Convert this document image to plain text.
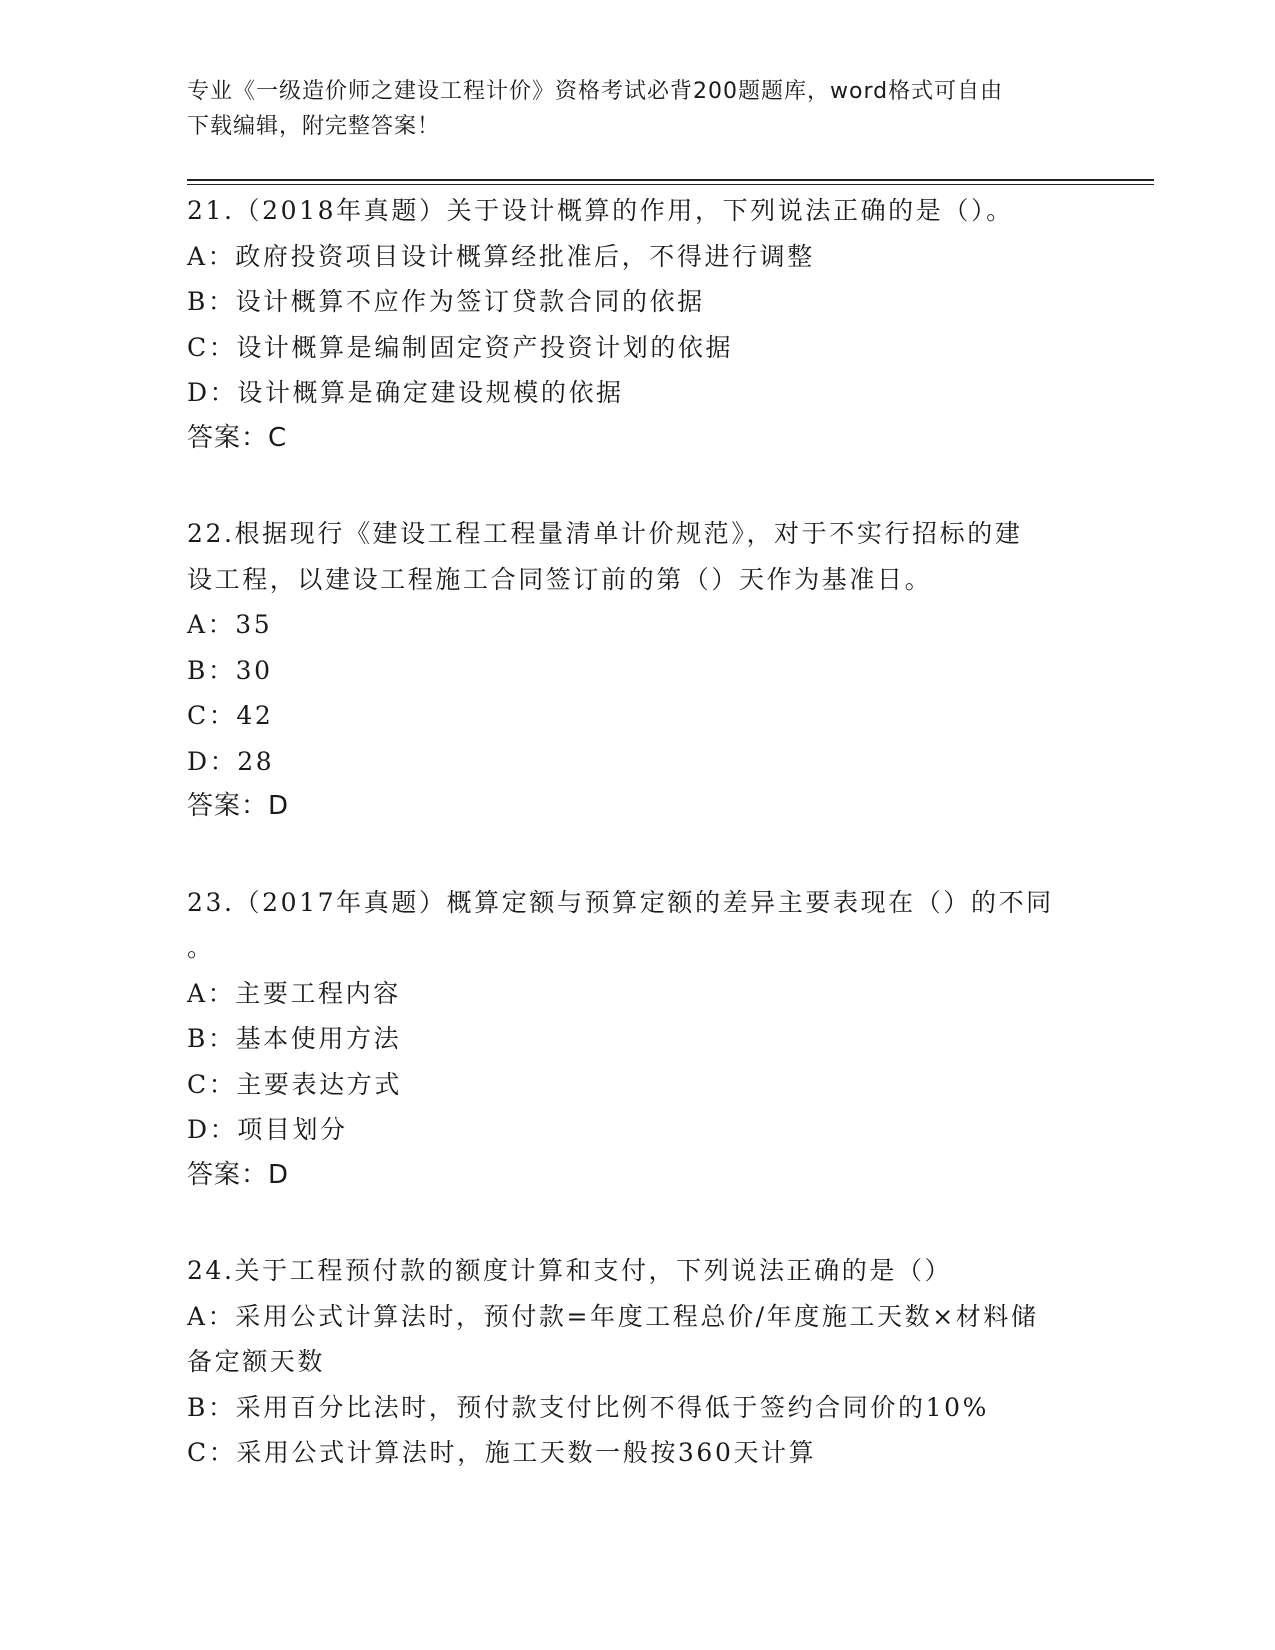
专业《一级造价师之建设工程计价》资格考试必背200题题库，word格式可自由
下载编辑，附完整答案！

21.（2018年真题）关于设计概算的作用，下列说法正确的是（）。

A：政府投资项目设计概算经批准后，不得进行调整

B：设计概算不应作为签订贷款合同的依据

C：设计概算是编制固定资产投资计划的依据

D：设计概算是确定建设规模的依据

答案：C

22.根据现行《建设工程工程量清单计价规范》，对于不实行招标的建

设工程，以建设工程施工合同签订前的第（）天作为基准日。

A：35

B：30

C：42

D：28

答案：D

23.（2017年真题）概算定额与预算定额的差异主要表现在（）的不同

。

A：主要工程内容

B：基本使用方法

C：主要表达方式

D：项目划分

答案：D

24.关于工程预付款的额度计算和支付，下列说法正确的是（）

A：采用公式计算法时，预付款=年度工程总价/年度施工天数×材料储

备定额天数

B：采用百分比法时，预付款支付比例不得低于签约合同价的10%

C：采用公式计算法时，施工天数一般按360天计算
